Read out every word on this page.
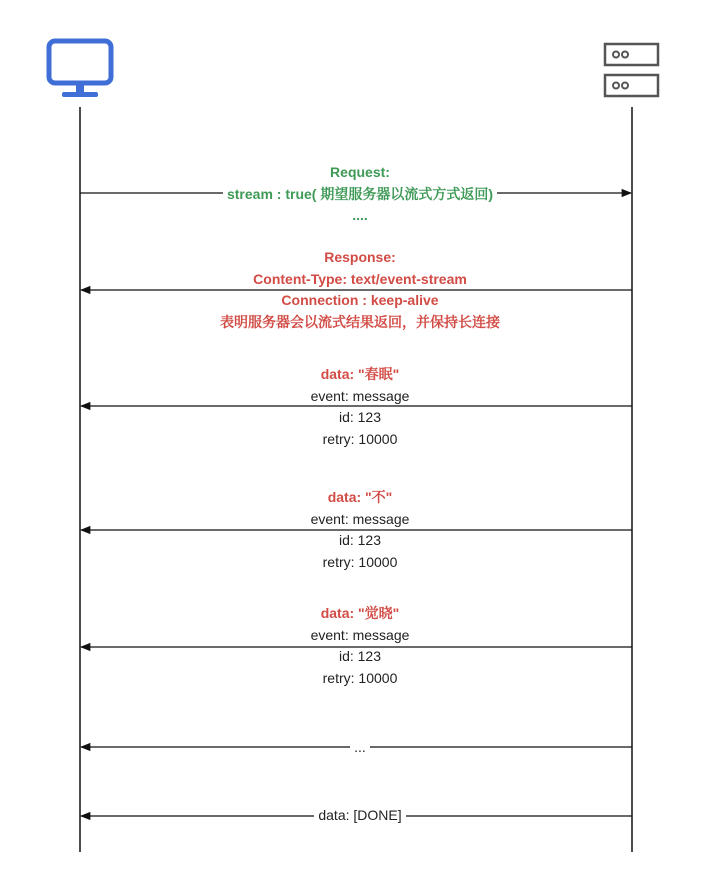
Request:
stream : true( 期望服务器以流式方式返回)
....
Response:
Content-Type: text/event-stream
Connection : keep-alive
表明服务器会以流式结果返回，并保持长连接
data: "春眠"
event: message
id: 123
retry: 10000
data: "不"
event: message
id: 123
retry: 10000
data: "觉晓"
event: message
id: 123
retry: 10000
...
data: [DONE]
